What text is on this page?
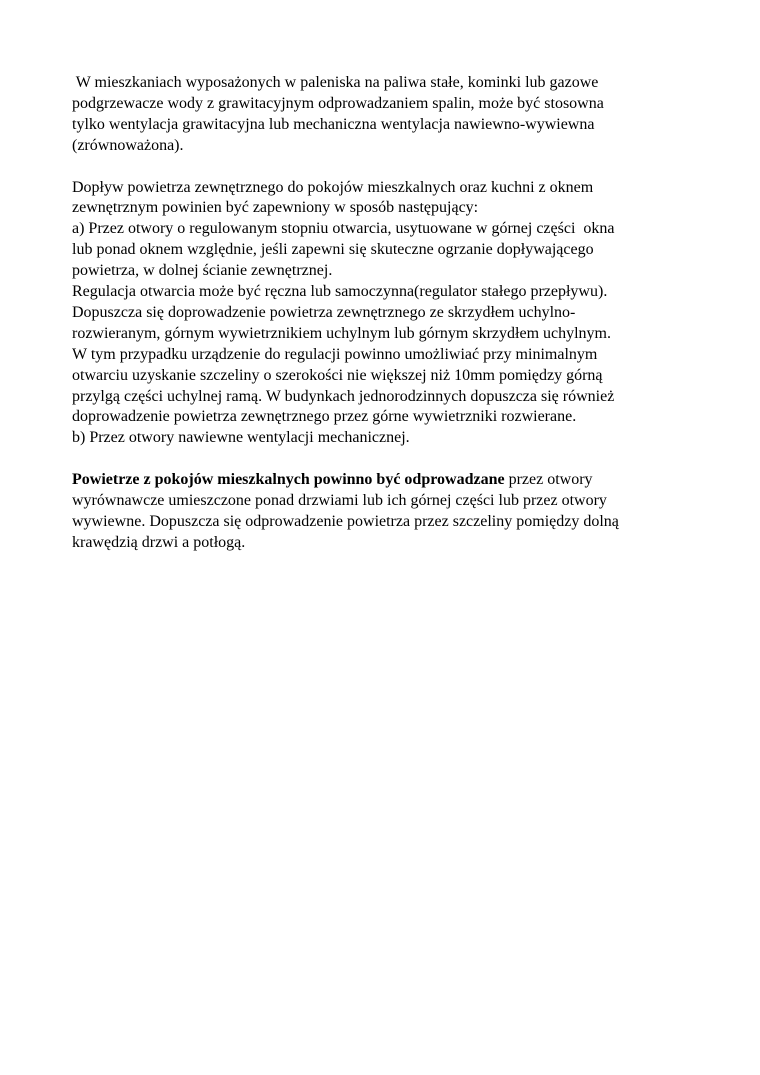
W mieszkaniach wyposażonych w paleniska na paliwa stałe, kominki lub gazowe
podgrzewacze wody z grawitacyjnym odprowadzaniem spalin, może być stosowna
tylko wentylacja grawitacyjna lub mechaniczna wentylacja nawiewno-wywiewna
(zrównoważona).
Dopływ powietrza zewnętrznego do pokojów mieszkalnych oraz kuchni z oknem
zewnętrznym powinien być zapewniony w sposób następujący:
a) Przez otwory o regulowanym stopniu otwarcia, usytuowane w górnej części  okna
lub ponad oknem względnie, jeśli zapewni się skuteczne ogrzanie dopływającego
powietrza, w dolnej ścianie zewnętrznej.
Regulacja otwarcia może być ręczna lub samoczynna(regulator stałego przepływu).
Dopuszcza się doprowadzenie powietrza zewnętrznego ze skrzydłem uchylno-
rozwieranym, górnym wywietrznikiem uchylnym lub górnym skrzydłem uchylnym.
W tym przypadku urządzenie do regulacji powinno umożliwiać przy minimalnym
otwarciu uzyskanie szczeliny o szerokości nie większej niż 10mm pomiędzy górną
przylgą części uchylnej ramą. W budynkach jednorodzinnych dopuszcza się również
doprowadzenie powietrza zewnętrznego przez górne wywietrzniki rozwierane.
b) Przez otwory nawiewne wentylacji mechanicznej.
Powietrze z pokojów mieszkalnych powinno być odprowadzane przez otwory
wyrównawcze umieszczone ponad drzwiami lub ich górnej części lub przez otwory
wywiewne. Dopuszcza się odprowadzenie powietrza przez szczeliny pomiędzy dolną
krawędzią drzwi a potłogą.
